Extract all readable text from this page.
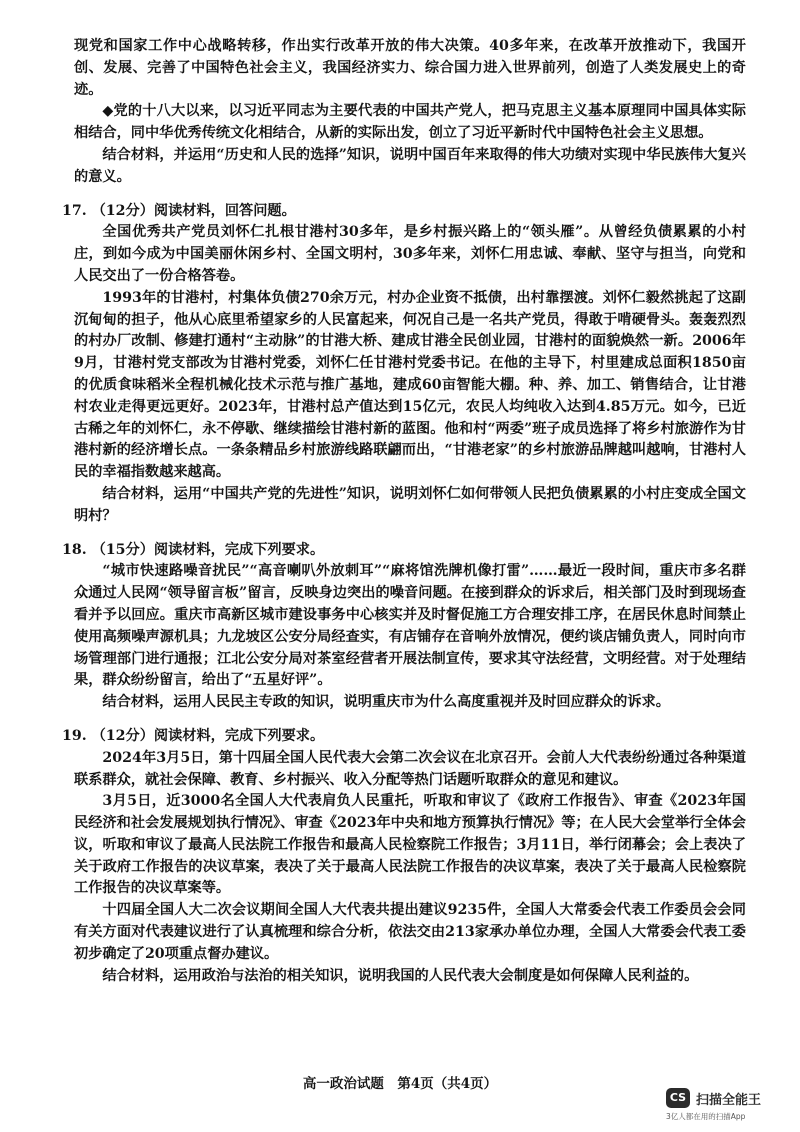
现党和国家工作中心战略转移，作出实行改革开放的伟大决策。40多年来，在改革开放推动下，我国开创、发展、完善了中国特色社会主义，我国经济实力、综合国力进入世界前列，创造了人类发展史上的奇迹。

◆党的十八大以来，以习近平同志为主要代表的中国共产党人，把马克思主义基本原理同中国具体实际相结合，同中华优秀传统文化相结合，从新的实际出发，创立了习近平新时代中国特色社会主义思想。

结合材料，并运用“历史和人民的选择”知识，说明中国百年来取得的伟大功绩对实现中华民族伟大复兴的意义。

17. （12分）阅读材料，回答问题。

全国优秀共产党员刘怀仁扎根甘港村30多年，是乡村振兴路上的“领头雁”。从曾经负债累累的小村庄，到如今成为中国美丽休闲乡村、全国文明村，30多年来，刘怀仁用忠诚、奉献、坚守与担当，向党和人民交出了一份合格答卷。

1993年的甘港村，村集体负债270余万元，村办企业资不抵债，出村靠摆渡。刘怀仁毅然挑起了这副沉甸甸的担子，他从心底里希望家乡的人民富起来，何况自己是一名共产党员，得敢于啃硬骨头。轰轰烈烈的村办厂改制、修建打通村“主动脉”的甘港大桥、建成甘港全民创业园，甘港村的面貌焕然一新。2006年9月，甘港村党支部改为甘港村党委，刘怀仁任甘港村党委书记。在他的主导下，村里建成总面积1850亩的优质食味稻米全程机械化技术示范与推广基地，建成60亩智能大棚。种、养、加工、销售结合，让甘港村农业走得更远更好。2023年，甘港村总产值达到15亿元，农民人均纯收入达到4.85万元。如今，已近古稀之年的刘怀仁，永不停歇、继续描绘甘港村新的蓝图。他和村“两委”班子成员选择了将乡村旅游作为甘港村新的经济增长点。一条条精品乡村旅游线路联翩而出，“甘港老家”的乡村旅游品牌越叫越响，甘港村人民的幸福指数越来越高。

结合材料，运用“中国共产党的先进性”知识，说明刘怀仁如何带领人民把负债累累的小村庄变成全国文明村？

18. （15分）阅读材料，完成下列要求。

“城市快速路噪音扰民”“高音喇叭外放刺耳”“麻将馆洗牌机像打雷”……最近一段时间，重庆市多名群众通过人民网“领导留言板”留言，反映身边突出的噪音问题。在接到群众的诉求后，相关部门及时到现场查看并予以回应。重庆市高新区城市建设事务中心核实并及时督促施工方合理安排工序，在居民休息时间禁止使用高频噪声源机具；九龙坡区公安分局经查实，有店铺存在音响外放情况，便约谈店铺负责人，同时向市场管理部门进行通报；江北公安分局对茶室经营者开展法制宣传，要求其守法经营，文明经营。对于处理结果，群众纷纷留言，给出了“五星好评”。

结合材料，运用人民民主专政的知识，说明重庆市为什么高度重视并及时回应群众的诉求。

19. （12分）阅读材料，完成下列要求。

2024年3月5日，第十四届全国人民代表大会第二次会议在北京召开。会前人大代表纷纷通过各种渠道联系群众，就社会保障、教育、乡村振兴、收入分配等热门话题听取群众的意见和建议。

3月5日，近3000名全国人大代表肩负人民重托，听取和审议了《政府工作报告》、审查《2023年国民经济和社会发展规划执行情况》、审查《2023年中央和地方预算执行情况》等；在人民大会堂举行全体会议，听取和审议了最高人民法院工作报告和最高人民检察院工作报告；3月11日，举行闭幕会；会上表决了关于政府工作报告的决议草案，表决了关于最高人民法院工作报告的决议草案，表决了关于最高人民检察院工作报告的决议草案等。

十四届全国人大二次会议期间全国人大代表共提出建议9235件，全国人大常委会代表工作委员会会同有关方面对代表建议进行了认真梳理和综合分析，依法交由213家承办单位办理，全国人大常委会代表工委初步确定了20项重点督办建议。

结合材料，运用政治与法治的相关知识，说明我国的人民代表大会制度是如何保障人民利益的。

高一政治试题　第4页（共4页）
CS 扫描全能王
3亿人都在用的扫描App
